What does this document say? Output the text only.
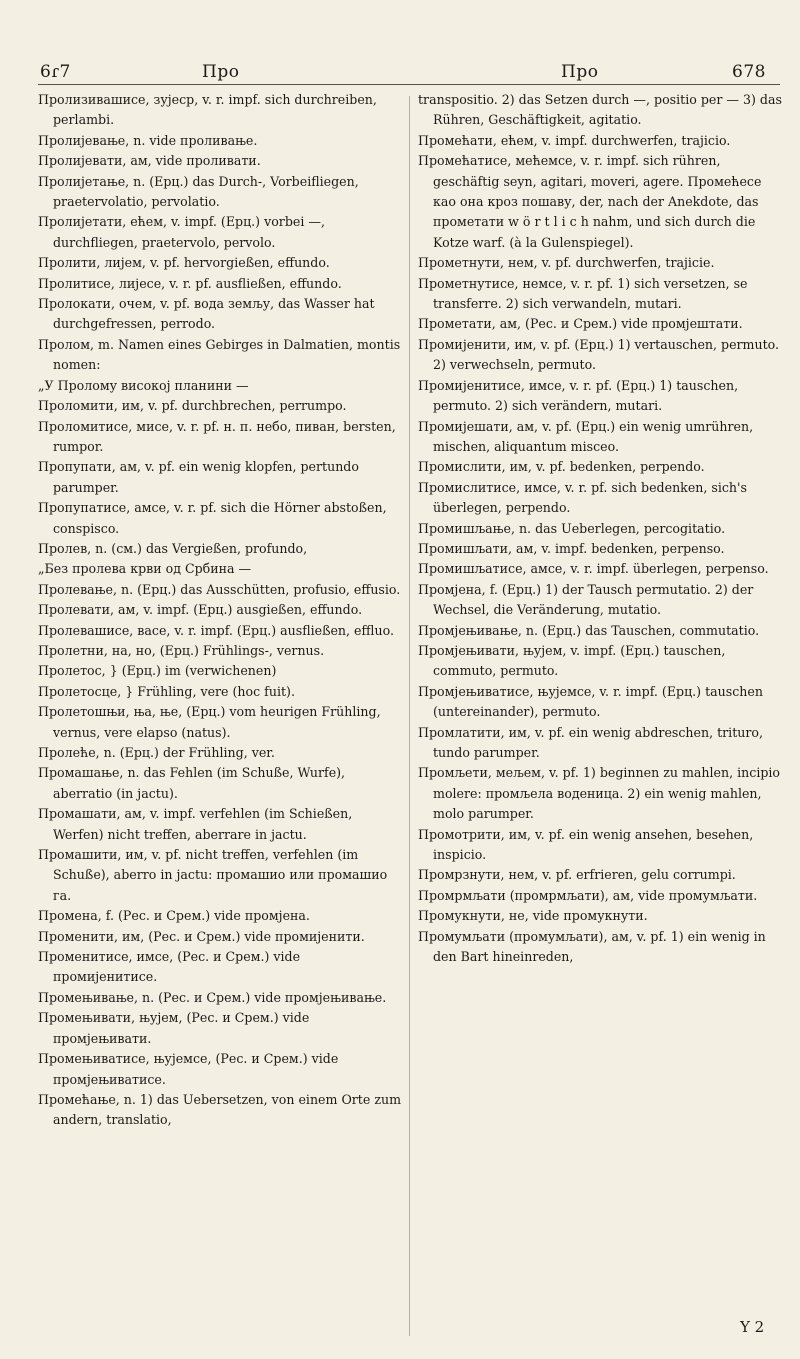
6ɾ7	Про	Про	678

Пролизивашисе, зујеср, v. r. impf. sich durchreiben, perlambi.

Пролијевање, n. vide проливање.

Пролијевати, ам, vide проливати.

Пролијетање, n. (Ерц.) das Durch-, Vorbeifliegen, praetervolatio, pervolatio.

Пролијетати, ећем, v. impf. (Ерц.) vorbei —, durchfliegen, praetervolo, pervolo.

Пролити, лијем, v. pf. hervorgießen, effundo.

Пролитисе, лијесе, v. r. pf. ausfließen, effundo.

Пролокати, очем, v. pf. вода земљу, das Wasser hat durchgefressen, perrodo.

Пролом, m. Namen eines Gebirges in Dalmatien, montis nomen:

„У Пролому високој планини —

Проломити, им, v. pf. durchbrechen, perrumpo.

Проломитисе, мисе, v. r. pf. н. п. небо, пиван, bersten, rumpor.

Пропупати, ам, v. pf. ein wenig klopfen, pertundo parumper.

Пропупатисе, амсе, v. r. pf. sich die Hörner abstoßen, conspisco.

Пролев, n. (см.) das Vergießen, profundo,

„Без пролева крви од Србина —

Пролевање, n. (Ерц.) das Ausschütten, profusio, effusio.

Пролевати, ам, v. impf. (Ерц.) ausgießen, effundo.

Пролевашисе, васе, v. r. impf. (Ерц.) ausfließen, effluo.

Пролетни, на, но, (Ерц.) Frühlings-, vernus.

Пролетос, } (Ерц.) im (verwichenen)

Пролетосце, } Frühling, vere (hoc fuit).

Пролетошњи, ња, ње, (Ерц.) vom heurigen Frühling, vernus, vere elapso (natus).

Пролеће, n. (Ерц.) der Frühling, ver.

Промашање, n. das Fehlen (im Schuße, Wurfe), aberratio (in jactu).

Промашати, ам, v. impf. verfehlen (im Schießen, Werfen) nicht treffen, aberrare in jactu.

Промашити, им, v. pf. nicht treffen, verfehlen (im Schuße), aberro in jactu: промашио или промашио га.

Промена, f. (Рес. и Срем.) vide промјена.

Променити, им, (Рес. и Срем.) vide промијенити.

Променитисе, имсе, (Рес. и Срем.) vide промијенитисе.

Промењивање, n. (Рес. и Срем.) vide промјењивање.

Промењивати, њујем, (Рес. и Срем.) vide промјењивати.

Промењиватисе, њујемсе, (Рес. и Срем.) vide промјењиватисе.

Промећање, n. 1) das Uebersetzen, von einem Orte zum andern, translatio,

transpositio. 2) das Setzen durch —, positio per — 3) das Rühren, Geschäftigkeit, agitatio.

Промећати, ећем, v. impf. durchwerfen, trajicio.

Промећатисе, мећемсе, v. r. impf. sich rühren, geschäftig seyn, agitari, moveri, agere. Промећесе као она кроз пошаву, der, nach der Anekdote, das прометати w ö r t l i c h nahm, und sich durch die Kotze warf. (à la Gulenspiegel).

Прометнути, нем, v. pf. durchwerfen, trajicie.

Прометнутисе, немсе, v. r. pf. 1) sich versetzen, se transferre. 2) sich verwandeln, mutari.

Прометати, ам, (Рес. и Срем.) vide промјештати.

Промијенити, им, v. pf. (Ерц.) 1) vertauschen, permuto. 2) verwechseln, permuto.

Промијенитисе, имсе, v. r. pf. (Ерц.) 1) tauschen, permuto. 2) sich verändern, mutari.

Промијешати, ам, v. pf. (Ерц.) ein wenig umrühren, mischen, aliquantum misceo.

Промислити, им, v. pf. bedenken, perpendo.

Промислитисе, имсе, v. r. pf. sich bedenken, sich's überlegen, perpendo.

Промишљање, n. das Ueberlegen, percogitatio.

Промишљати, ам, v. impf. bedenken, perpenso.

Промишљатисе, амсе, v. r. impf. überlegen, perpenso.

Промјена, f. (Ерц.) 1) der Tausch permutatio. 2) der Wechsel, die Veränderung, mutatio.

Промјењивање, n. (Ерц.) das Tauschen, commutatio.

Промјењивати, њујем, v. impf. (Ерц.) tauschen, commuto, permuto.

Промјењиватисе, њујемсе, v. r. impf. (Ерц.) tauschen (untereinander), permuto.

Промлатити, им, v. pf. ein wenig abdreschen, trituro, tundo parumper.

Промљети, мељем, v. pf. 1) beginnen zu mahlen, incipio molere: промљела воденица. 2) ein wenig mahlen, molo parumper.

Промотрити, им, v. pf. ein wenig ansehen, besehen, inspicio.

Промрзнути, нем, v. pf. erfrieren, gelu corrumpi.

Промрмљати (промрмљати), ам, vide промумљати.

Промукнути, не, vide промукнути.

Промумљати (промумљати), ам, v. pf. 1) ein wenig in den Bart hineinreden,

Y 2
